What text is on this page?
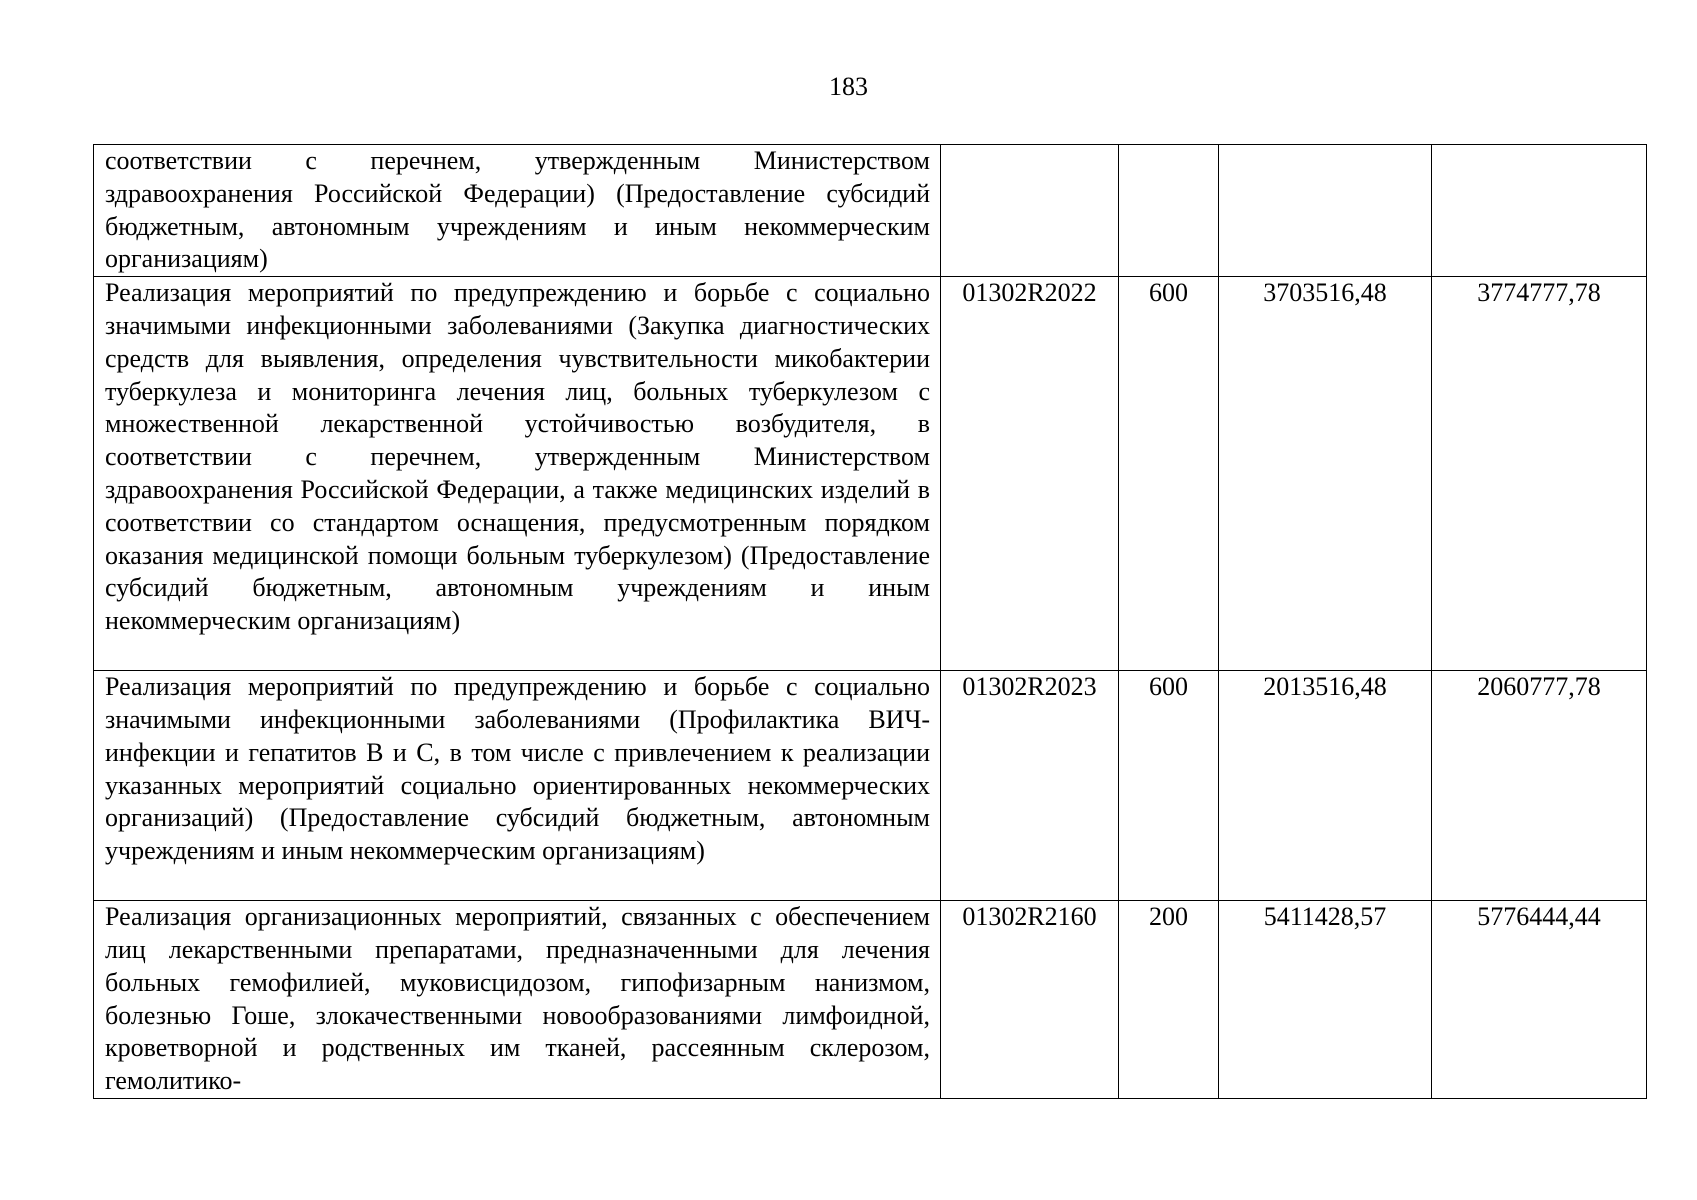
183
соответствии с перечнем, утвержденным Министерством здравоохранения Российской Федерации) (Предоставление субсидий бюджетным, автономным учреждениям и иным некоммерческим организациям)				
Реализация мероприятий по предупреждению и борьбе с социально значимыми инфекционными заболеваниями (Закупка диагностических средств для выявления, определения чувствительности микобактерии туберкулеза и мониторинга лечения лиц, больных туберкулезом с множественной лекарственной устойчивостью возбудителя, в соответствии с перечнем, утвержденным Министерством здравоохранения Российской Федерации, а также медицинских изделий в соответствии со стандартом оснащения, предусмотренным порядком оказания медицинской помощи больным туберкулезом) (Предоставление субсидий бюджетным, автономным учреждениям и иным некоммерческим организациям)	01302R2022	600	3703516,48	3774777,78
Реализация мероприятий по предупреждению и борьбе с социально значимыми инфекционными заболеваниями (Профилактика ВИЧ-инфекции и гепатитов B и C, в том числе с привлечением к реализации указанных мероприятий социально ориентированных некоммерческих организаций) (Предоставление субсидий бюджетным, автономным учреждениям и иным некоммерческим организациям)	01302R2023	600	2013516,48	2060777,78
Реализация организационных мероприятий, связанных с обеспечением лиц лекарственными препаратами, предназначенными для лечения больных гемофилией, муковисцидозом, гипофизарным нанизмом, болезнью Гоше, злокачественными новообразованиями лимфоидной, кроветворной и родственных им тканей, рассеянным склерозом, гемолитико-	01302R2160	200	5411428,57	5776444,44
